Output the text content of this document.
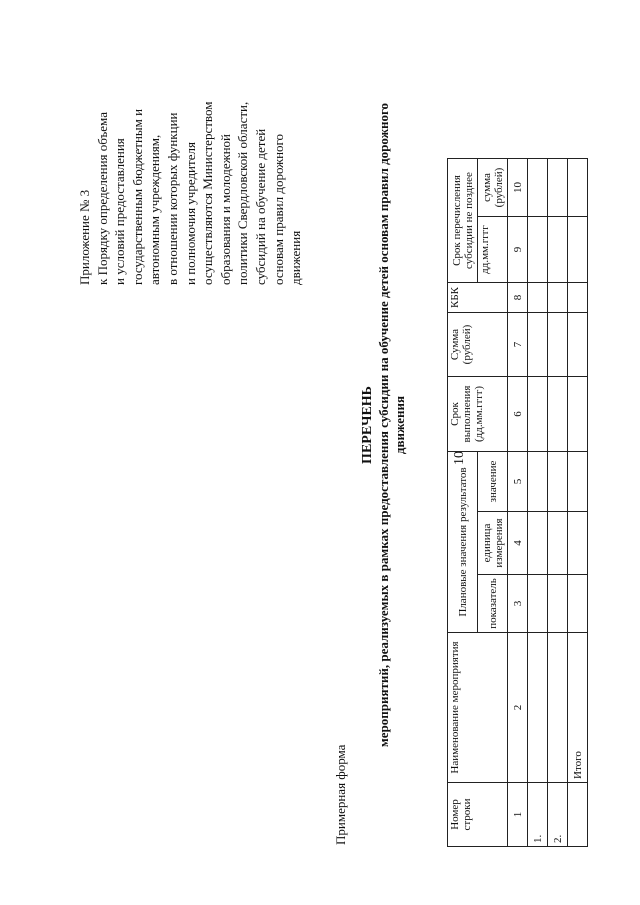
10
Приложение № 3 к Порядку определения объема и условий предоставления государственным бюджетным и автономным учреждениям, в отношении которых функции и полномочия учредителя осуществляются Министерством образования и молодежной политики Свердловской области, субсидий на обучение детей основам правил дорожного движения
Примерная форма
ПЕРЕЧЕНЬ мероприятий, реализуемых в рамках предоставления субсидии на обучение детей основам правил дорожного движения
Номер строки	Наименование мероприятия	Плановые значения результатов			Срок выполнения (дд.мм.гггг)	Сумма (рублей)	КБК	Срок перечисления субсидии не позднее	
		показатель	единица измерения	значение				дд.мм.гггг	сумма (рублей)
1	2	3	4	5	6	7	8	9	10
1.									
2.									
	Итого								
